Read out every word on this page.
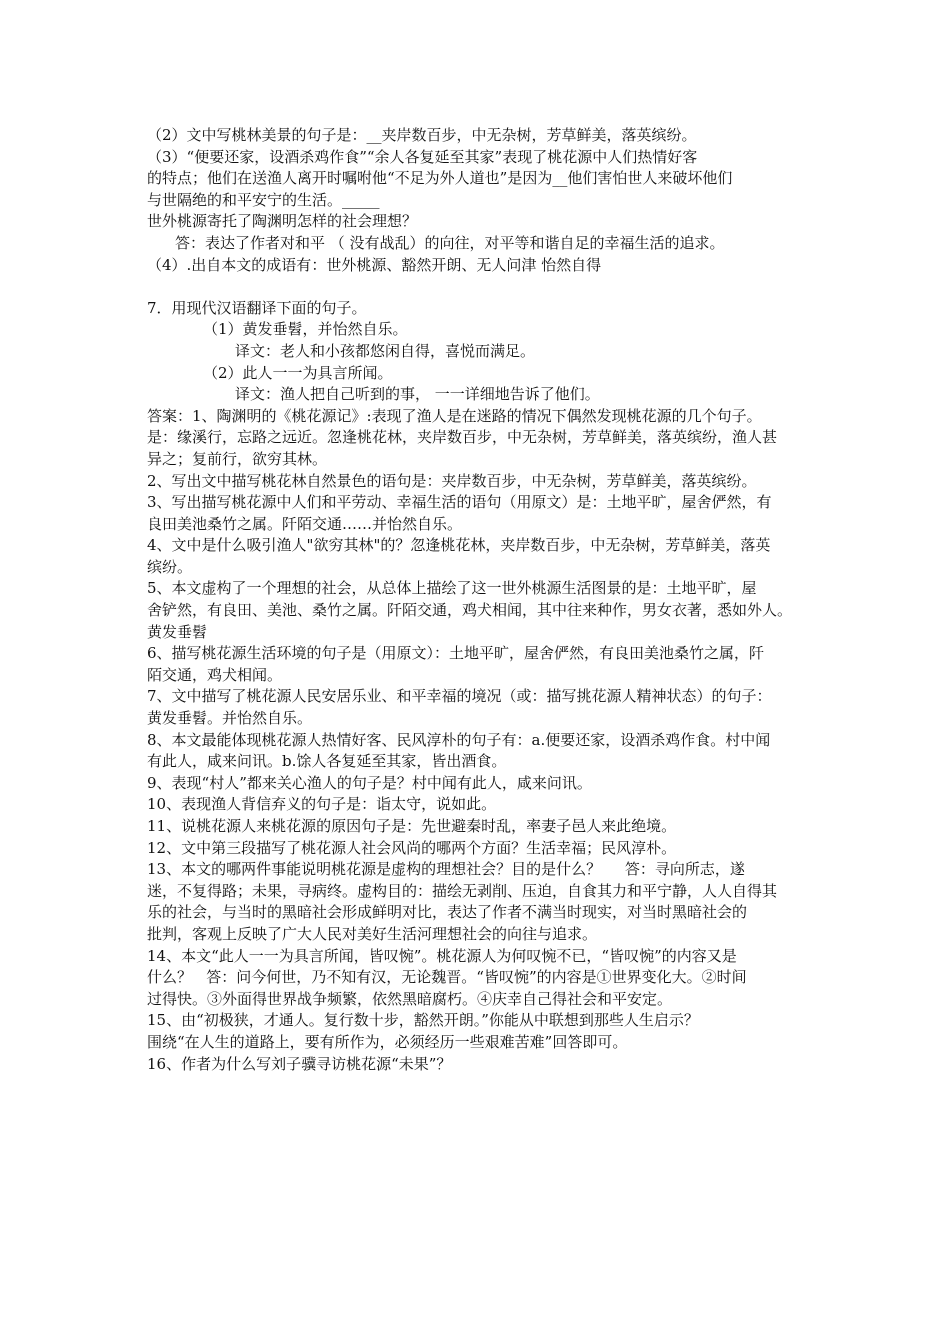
（2）文中写桃林美景的句子是：__夹岸数百步，中无杂树，芳草鲜美，落英缤纷。
（3）“便要还家，设酒杀鸡作食”“余人各复延至其家”表现了桃花源中人们热情好客
的特点；他们在送渔人离开时嘱咐他“不足为外人道也”是因为__他们害怕世人来破坏他们
与世隔绝的和平安宁的生活。_____
世外桃源寄托了陶渊明怎样的社会理想？
答：表达了作者对和平 （ 没有战乱）的向往，对平等和谐自足的幸福生活的追求。
（4）.出自本文的成语有：世外桃源、豁然开朗、无人问津 怡然自得
7．用现代汉语翻译下面的句子。
（1）黄发垂髫，并怡然自乐。
译文：老人和小孩都悠闲自得，喜悦而满足。
（2）此人一一为具言所闻。
译文：渔人把自己听到的事， 一一详细地告诉了他们。
答案：1、陶渊明的《桃花源记》:表现了渔人是在迷路的情况下偶然发现桃花源的几个句子。
是：缘溪行，忘路之远近。忽逢桃花林，夹岸数百步，中无杂树，芳草鲜美，落英缤纷，渔人甚
异之；复前行，欲穷其林。
2、写出文中描写桃花林自然景色的语句是：夹岸数百步，中无杂树，芳草鲜美，落英缤纷。
3、写出描写桃花源中人们和平劳动、幸福生活的语句（用原文）是：土地平旷，屋舍俨然，有
良田美池桑竹之属。阡陌交通……并怡然自乐。
4、文中是什么吸引渔人"欲穷其林"的？忽逢桃花林，夹岸数百步，中无杂树，芳草鲜美，落英
缤纷。
5、本文虚构了一个理想的社会，从总体上描绘了这一世外桃源生活图景的是：土地平旷，屋
舍铲然，有良田、美池、桑竹之属。阡陌交通，鸡犬相闻，其中往来种作，男女衣著，悉如外人。
黄发垂髫
6、描写桃花源生活环境的句子是（用原文）：土地平旷，屋舍俨然，有良田美池桑竹之属，阡
陌交通，鸡犬相闻。
7、文中描写了桃花源人民安居乐业、和平幸福的境况（或：描写挑花源人精神状态）的句子：
黄发垂髫。并怡然自乐。
8、本文最能体现桃花源人热情好客、民风淳朴的句子有：a.便要还家，设酒杀鸡作食。村中闻
有此人，咸来问讯。b.馀人各复延至其家，皆出酒食。
9、表现“村人”都来关心渔人的句子是？村中闻有此人，咸来问讯。
10、表现渔人背信弃义的句子是：诣太守，说如此。
11、说桃花源人来桃花源的原因句子是：先世避秦时乱，率妻子邑人来此绝境。
12、文中第三段描写了桃花源人社会风尚的哪两个方面？生活幸福；民风淳朴。
13、本文的哪两件事能说明桃花源是虚构的理想社会？目的是什么？     答：寻向所志，遂
迷，不复得路；未果，寻病终。虚构目的：描绘无剥削、压迫，自食其力和平宁静，人人自得其
乐的社会，与当时的黑暗社会形成鲜明对比，表达了作者不满当时现实，对当时黑暗社会的
批判，客观上反映了广大人民对美好生活河理想社会的向往与追求。
14、本文“此人一一为具言所闻，皆叹惋”。桃花源人为何叹惋不已，“皆叹惋”的内容又是
什么？   答：问今何世，乃不知有汉，无论魏晋。“皆叹惋”的内容是①世界变化大。②时间
过得快。③外面得世界战争频繁，依然黑暗腐朽。④庆幸自己得社会和平安定。
15、由“初极狭，才通人。复行数十步，豁然开朗。”你能从中联想到那些人生启示？
围绕“在人生的道路上，要有所作为，必须经历一些艰难苦难”回答即可。
16、作者为什么写刘子骥寻访桃花源“未果”？
